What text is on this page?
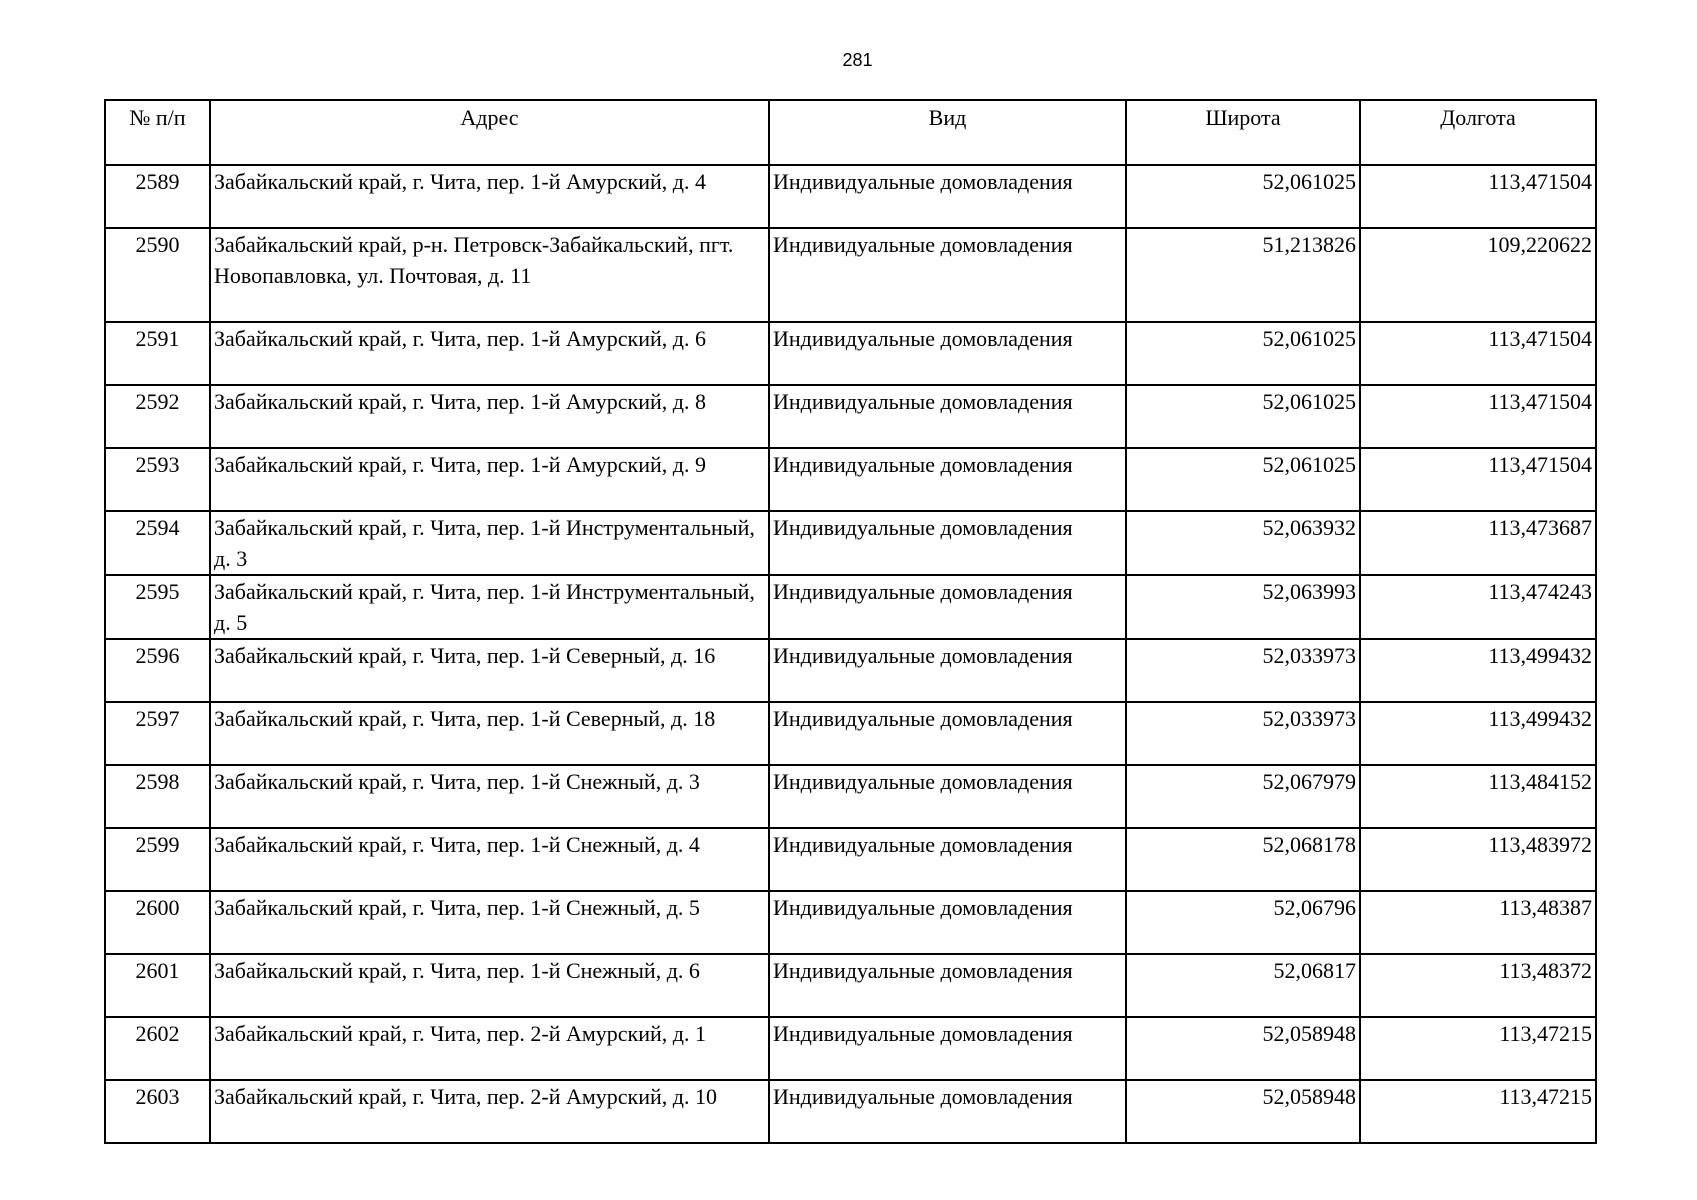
281
№ п/п	Адрес	Вид	Широта	Долгота
2589	Забайкальский край, г. Чита, пер. 1-й Амурский, д. 4	Индивидуальные домовладения	52,061025	113,471504
2590	Забайкальский край, р-н. Петровск-Забайкальский, пгт. Новопавловка, ул. Почтовая, д. 11	Индивидуальные домовладения	51,213826	109,220622
2591	Забайкальский край, г. Чита, пер. 1-й Амурский, д. 6	Индивидуальные домовладения	52,061025	113,471504
2592	Забайкальский край, г. Чита, пер. 1-й Амурский, д. 8	Индивидуальные домовладения	52,061025	113,471504
2593	Забайкальский край, г. Чита, пер. 1-й Амурский, д. 9	Индивидуальные домовладения	52,061025	113,471504
2594	Забайкальский край, г. Чита, пер. 1-й Инструментальный, д. 3	Индивидуальные домовладения	52,063932	113,473687
2595	Забайкальский край, г. Чита, пер. 1-й Инструментальный, д. 5	Индивидуальные домовладения	52,063993	113,474243
2596	Забайкальский край, г. Чита, пер. 1-й Северный, д. 16	Индивидуальные домовладения	52,033973	113,499432
2597	Забайкальский край, г. Чита, пер. 1-й Северный, д. 18	Индивидуальные домовладения	52,033973	113,499432
2598	Забайкальский край, г. Чита, пер. 1-й Снежный, д. 3	Индивидуальные домовладения	52,067979	113,484152
2599	Забайкальский край, г. Чита, пер. 1-й Снежный, д. 4	Индивидуальные домовладения	52,068178	113,483972
2600	Забайкальский край, г. Чита, пер. 1-й Снежный, д. 5	Индивидуальные домовладения	52,06796	113,48387
2601	Забайкальский край, г. Чита, пер. 1-й Снежный, д. 6	Индивидуальные домовладения	52,06817	113,48372
2602	Забайкальский край, г. Чита, пер. 2-й Амурский, д. 1	Индивидуальные домовладения	52,058948	113,47215
2603	Забайкальский край, г. Чита, пер. 2-й Амурский, д. 10	Индивидуальные домовладения	52,058948	113,47215
